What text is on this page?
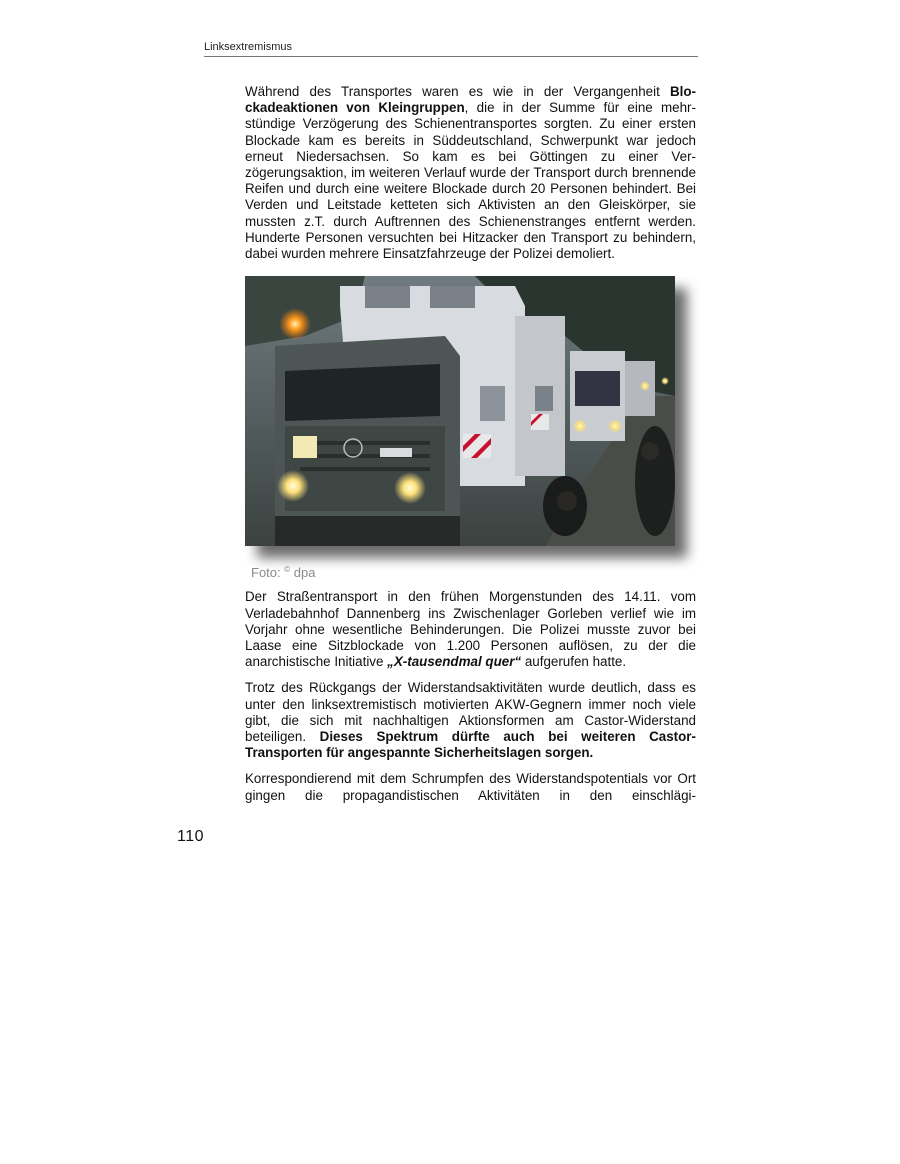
Linksextremismus

Während des Transportes waren es wie in der Vergangenheit Blockadeaktionen von Kleingruppen, die in der Summe für eine mehrstündige Verzögerung des Schienentransportes sorgten. Zu einer ersten Blockade kam es bereits in Süddeutschland, Schwerpunkt war jedoch erneut Niedersachsen. So kam es bei Göttingen zu einer Verzögerungsaktion, im weiteren Verlauf wurde der Transport durch brennende Reifen und durch eine weitere Blockade durch 20 Personen behindert. Bei Verden und Leitstade ketteten sich Aktivisten an den Gleiskörper, sie mussten z.T. durch Auftrennen des Schienenstranges entfernt werden. Hunderte Personen versuchten bei Hitzacker den Transport zu behindern, dabei wurden mehrere Einsatzfahrzeuge der Polizei demoliert.

Foto: © dpa

Der Straßentransport in den frühen Morgenstunden des 14.11. vom Verladebahnhof Dannenberg ins Zwischenlager Gorleben verlief wie im Vorjahr ohne wesentliche Behinderungen. Die Polizei musste zuvor bei Laase eine Sitzblockade von 1.200 Personen auflösen, zu der die anarchistische Initiative „X-tausendmal quer“ aufgerufen hatte.

Trotz des Rückgangs der Widerstandsaktivitäten wurde deutlich, dass es unter den linksextremistisch motivierten AKW-Gegnern immer noch viele gibt, die sich mit nachhaltigen Aktionsformen am Castor-Widerstand beteiligen. Dieses Spektrum dürfte auch bei weiteren Castor-Transporten für angespannte Sicherheitslagen sorgen.

Korrespondierend mit dem Schrumpfen des Widerstandspotentials vor Ort gingen die propagandistischen Aktivitäten in den einschlägi-

110
